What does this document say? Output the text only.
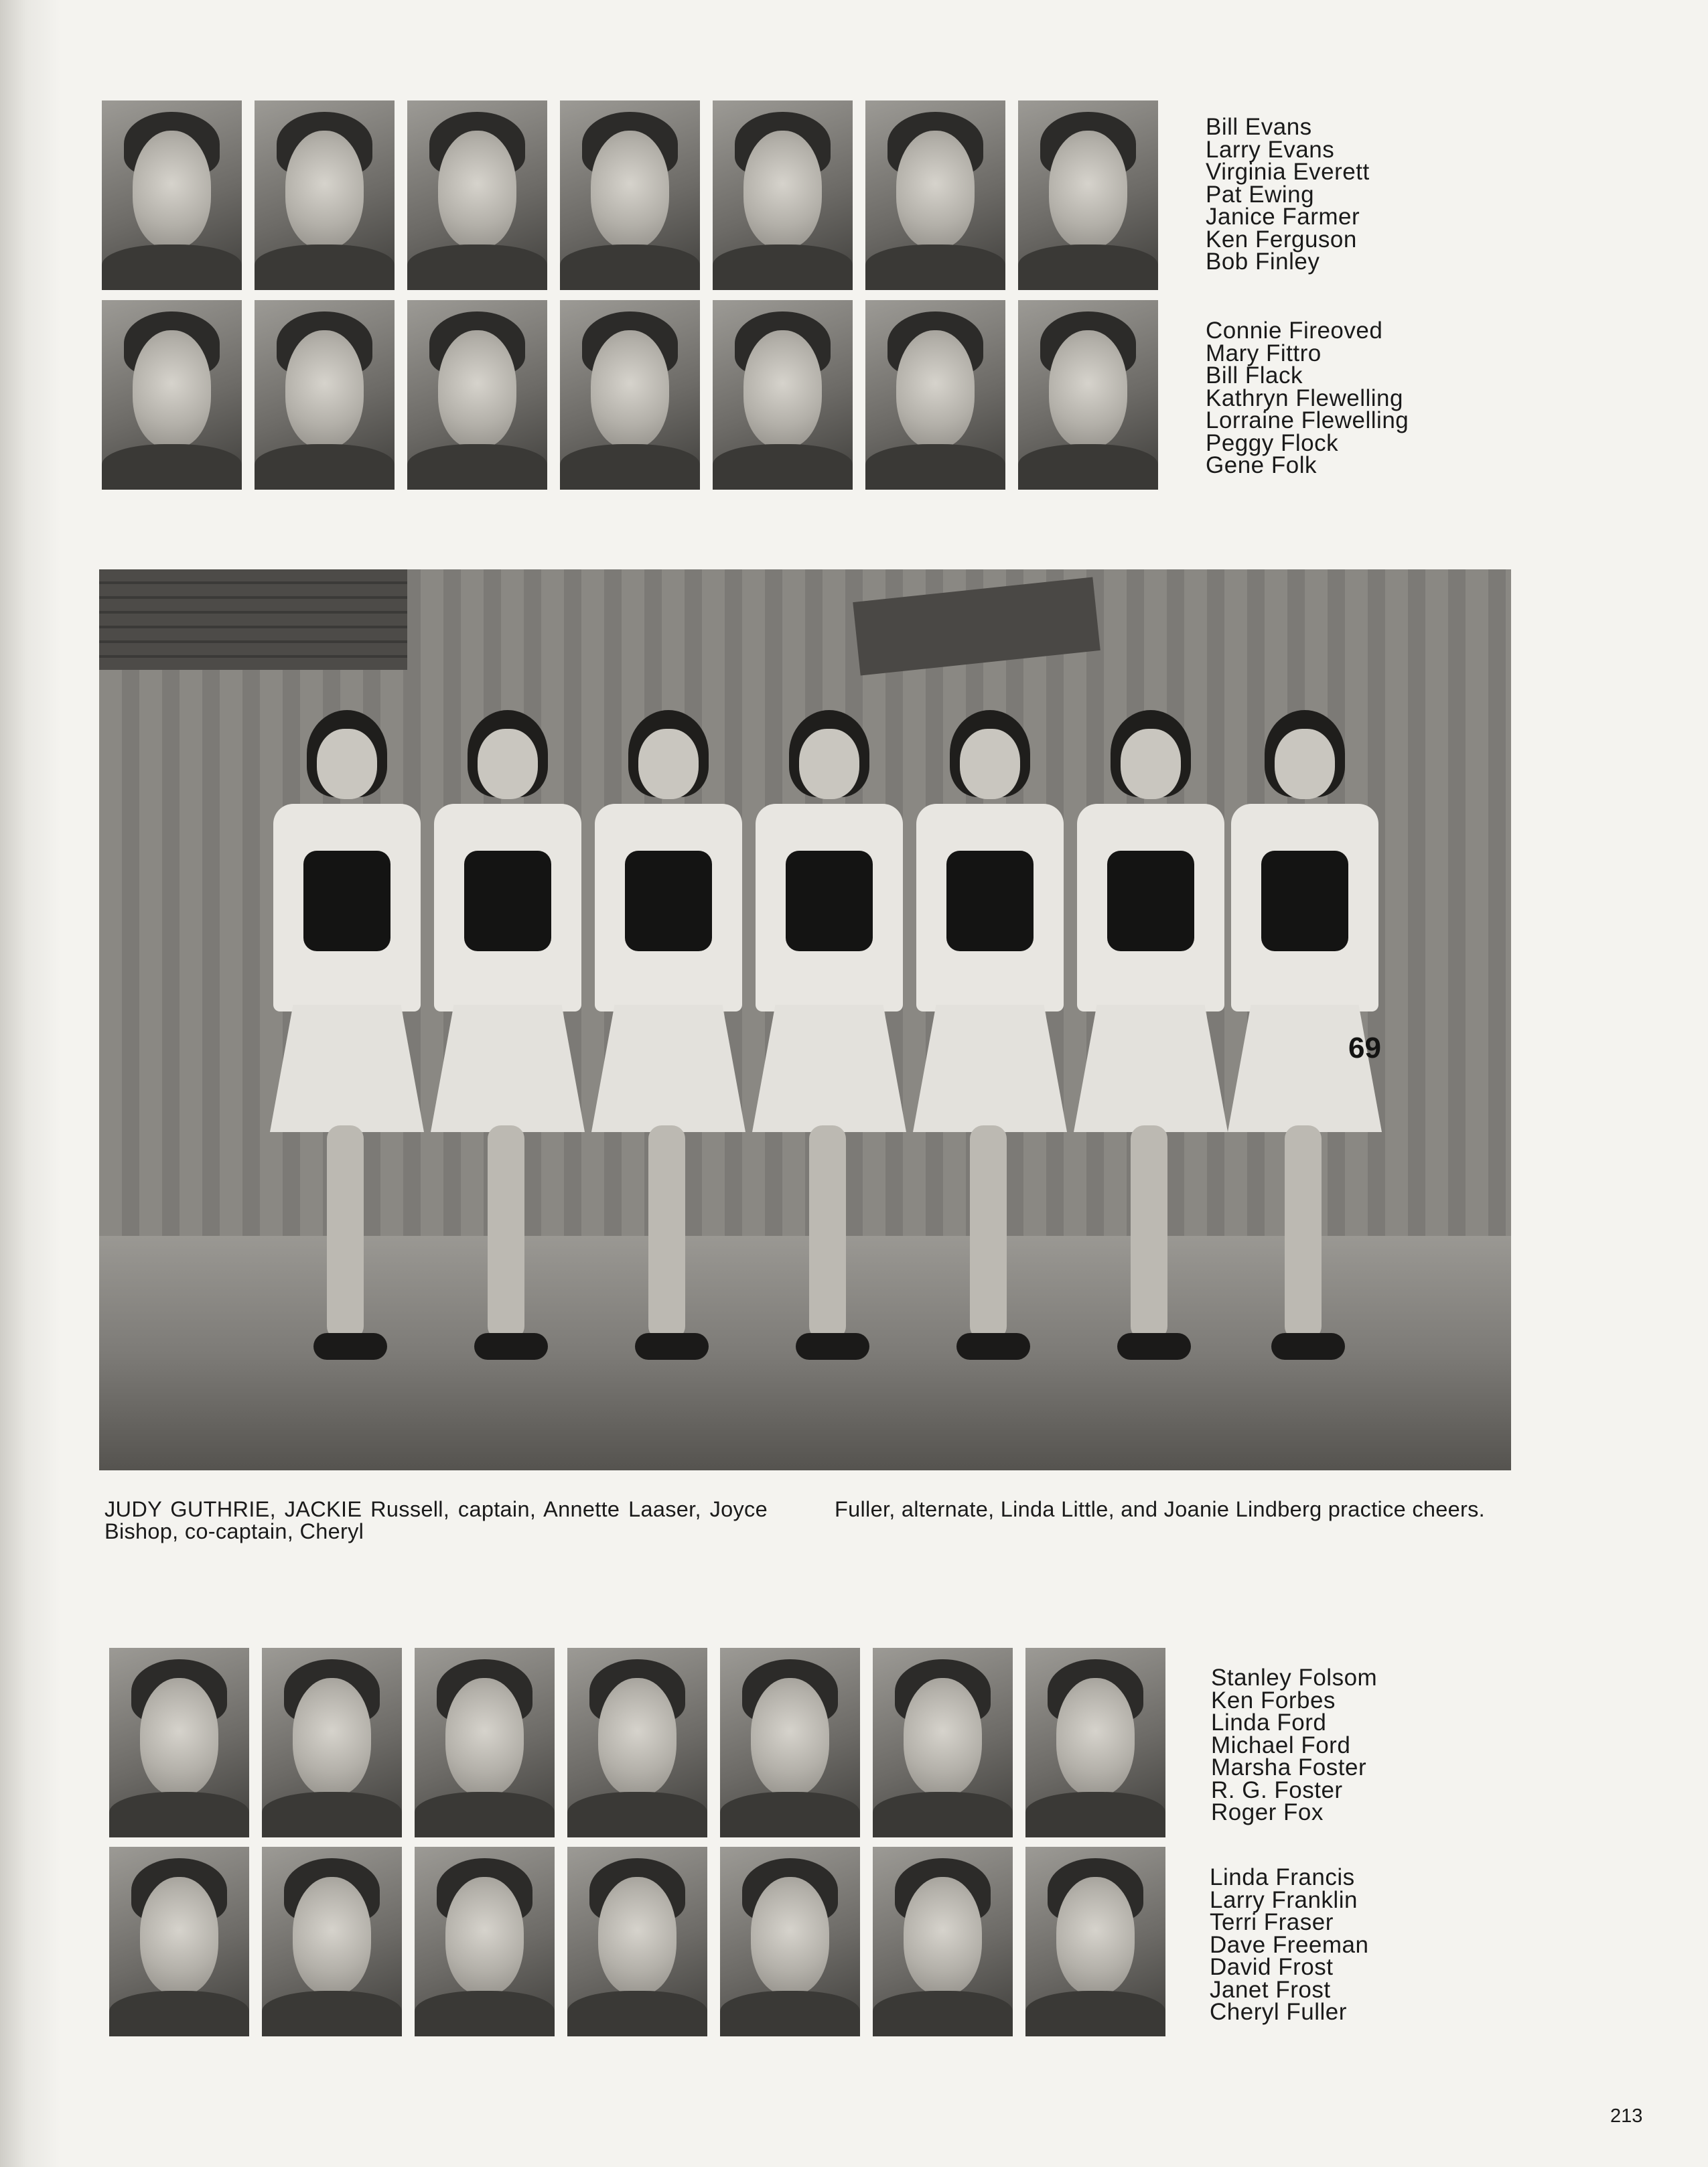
Bill Evans
Larry Evans
Virginia Everett
Pat Ewing
Janice Farmer
Ken Ferguson
Bob Finley
Connie Fireoved
Mary Fittro
Bill Flack
Kathryn Flewelling
Lorraine Flewelling
Peggy Flock
Gene Folk
69

JUDY GUTHRIE, JACKIE Russell, captain, Annette Laaser, Joyce Bishop, co-captain, Cheryl

Fuller, alternate, Linda Little, and Joanie Lindberg practice cheers.

Stanley Folsom
Ken Forbes
Linda Ford
Michael Ford
Marsha Foster
R. G. Foster
Roger Fox
Linda Francis
Larry Franklin
Terri Fraser
Dave Freeman
David Frost
Janet Frost
Cheryl Fuller
213
